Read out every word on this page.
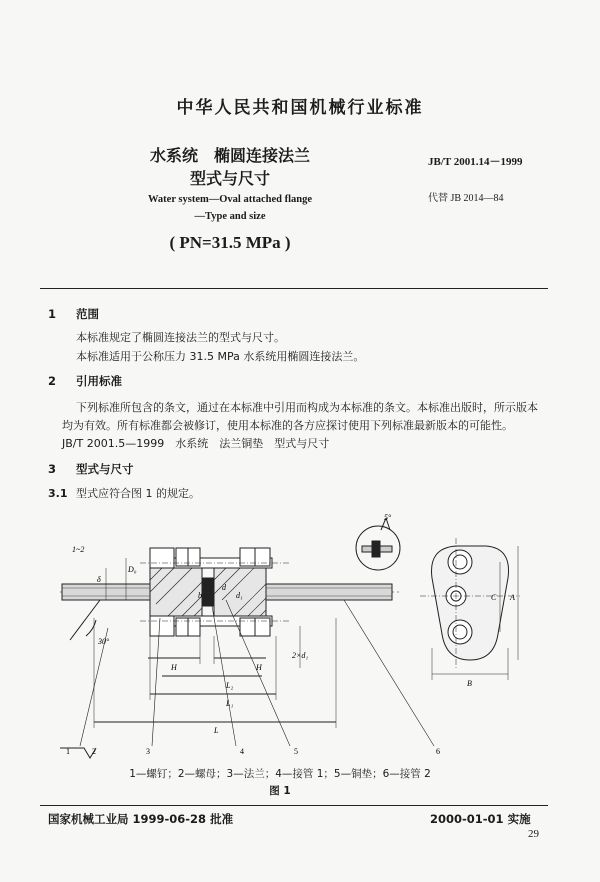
中华人民共和国机械行业标准
水系统　椭圆连接法兰
型式与尺寸
JB/T 2001.14－1999
代替 JB 2014—84
Water system—Oval attached flange
—Type and size
( PN=31.5 MPa )
1 范围
本标准规定了椭圆连接法兰的型式与尺寸。
本标准适用于公称压力 31.5 MPa 水系统用椭圆连接法兰。
2 引用标准
下列标准所包含的条文，通过在本标准中引用而构成为本标准的条文。本标准出版时，所示版本
均为有效。所有标准都会被修订，使用本标准的各方应探讨使用下列标准最新版本的可能性。
JB/T 2001.5—1999　水系统　法兰铜垫　型式与尺寸
3 型式与尺寸
3.1 型式应符合图 1 的规定。
1~2
δ
D₀
30°
b
d
d₁
2×d₁
H	H
L₂
L₁
L
5°
C A
B
1	2	3	4	5	6
1—螺钉；2—螺母；3—法兰；4—接管 1；5—铜垫；6—接管 2
图 1
国家机械工业局 1999-06-28 批准	2000-01-01 实施
29
